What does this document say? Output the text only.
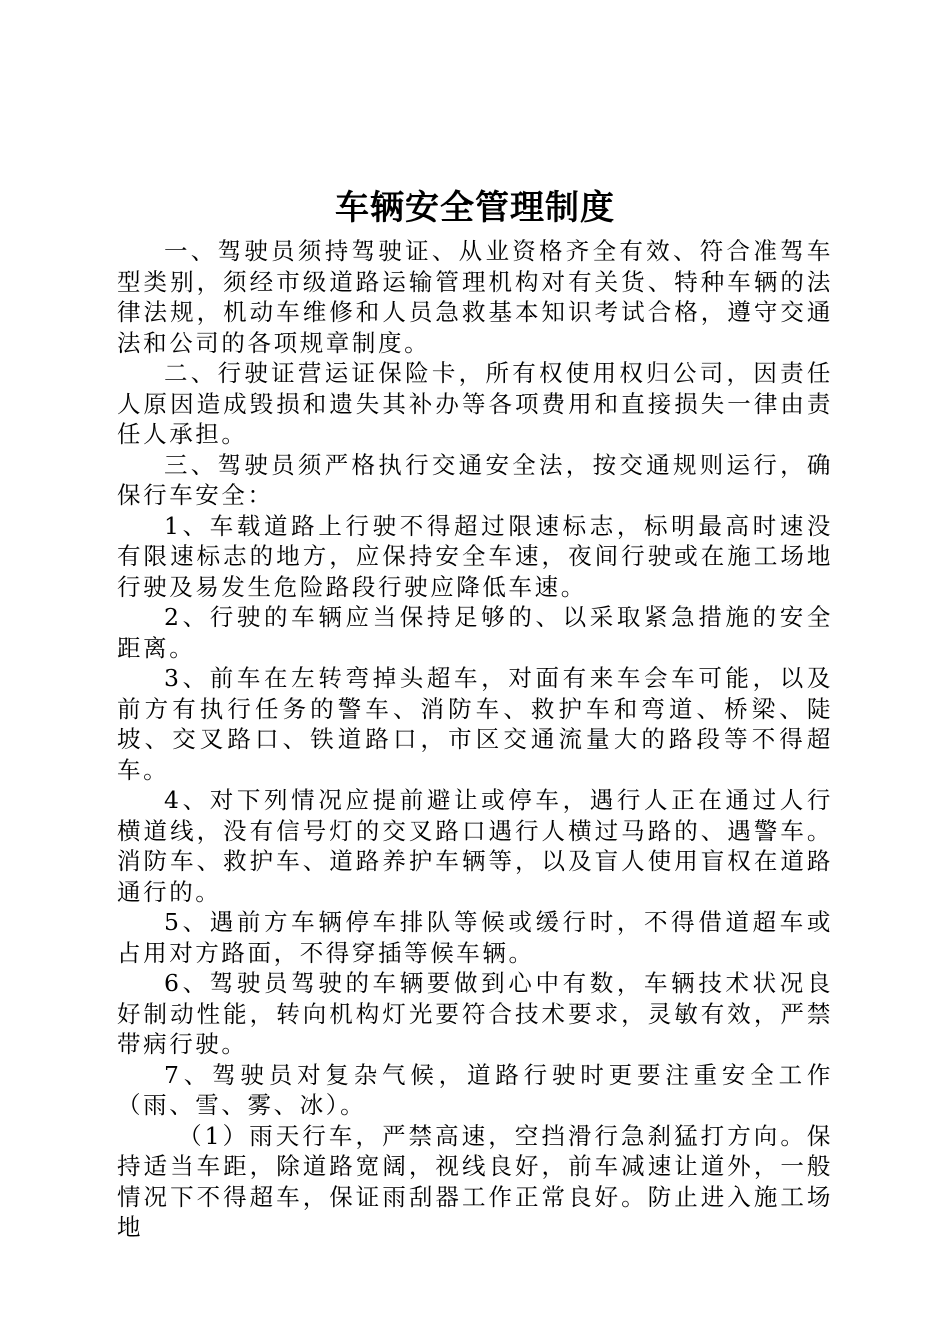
车辆安全管理制度

一、驾驶员须持驾驶证、从业资格齐全有效、符合准驾车型类别，须经市级道路运输管理机构对有关货、特种车辆的法律法规，机动车维修和人员急救基本知识考试合格，遵守交通法和公司的各项规章制度。

二、行驶证营运证保险卡，所有权使用权归公司，因责任人原因造成毁损和遗失其补办等各项费用和直接损失一律由责任人承担。

三、驾驶员须严格执行交通安全法，按交通规则运行，确保行车安全：

1、车载道路上行驶不得超过限速标志，标明最高时速没有限速标志的地方，应保持安全车速，夜间行驶或在施工场地行驶及易发生危险路段行驶应降低车速。

2、行驶的车辆应当保持足够的、以采取紧急措施的安全距离。

3、前车在左转弯掉头超车，对面有来车会车可能，以及前方有执行任务的警车、消防车、救护车和弯道、桥梁、陡坡、交叉路口、铁道路口，市区交通流量大的路段等不得超车。

4、对下列情况应提前避让或停车，遇行人正在通过人行横道线，没有信号灯的交叉路口遇行人横过马路的、遇警车。消防车、救护车、道路养护车辆等，以及盲人使用盲权在道路通行的。

5、遇前方车辆停车排队等候或缓行时，不得借道超车或占用对方路面，不得穿插等候车辆。

6、驾驶员驾驶的车辆要做到心中有数，车辆技术状况良好制动性能，转向机构灯光要符合技术要求，灵敏有效，严禁带病行驶。

7、驾驶员对复杂气候，道路行驶时更要注重安全工作（雨、雪、雾、冰）。

（1）雨天行车，严禁高速，空挡滑行急刹猛打方向。保持适当车距，除道路宽阔，视线良好，前车减速让道外，一般情况下不得超车，保证雨刮器工作正常良好。防止进入施工场地
